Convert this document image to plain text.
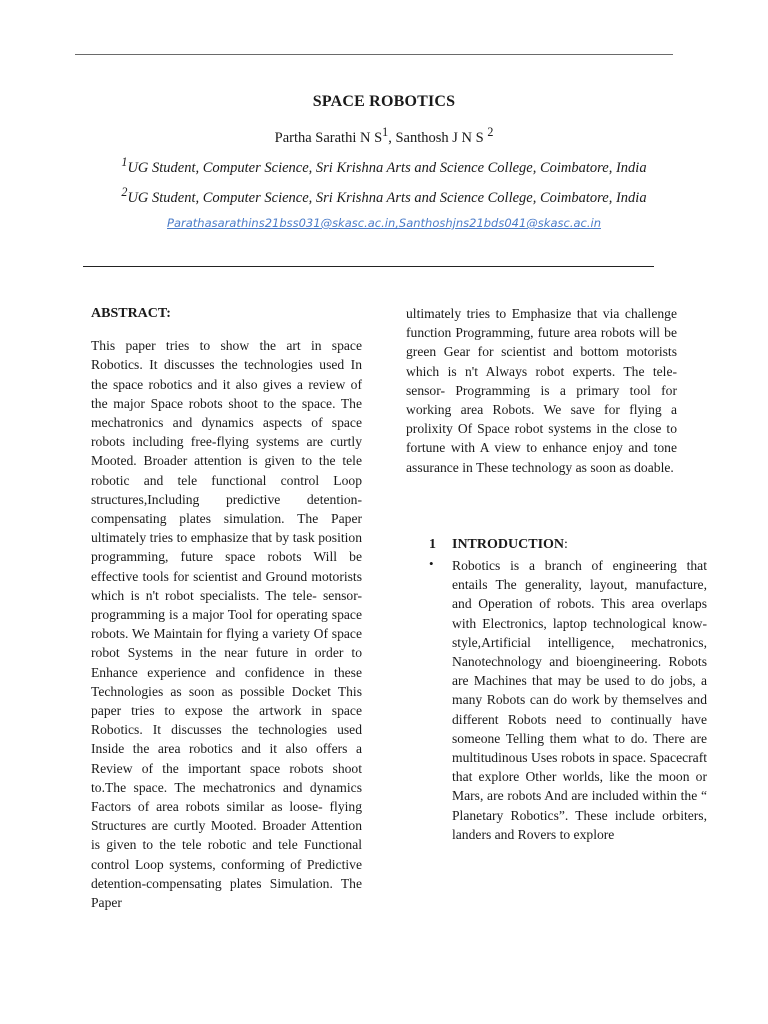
SPACE ROBOTICS
Partha Sarathi N $S^1$, Santhosh J N S $^2$
$^1$UG Student, Computer Science, Sri Krishna Arts and Science College, Coimbatore, India
$^2$UG Student, Computer Science, Sri Krishna Arts and Science College, Coimbatore, India
Parathasarathins21bss031@skasc.ac.in,Santhoshjns21bds041@skasc.ac.in
ABSTRACT:

This paper tries to show the art in space Robotics. It discusses the technologies used In the space robotics and it also gives a review of the major Space robots shoot to the space. The mechatronics and dynamics aspects of space robots including free-flying systems are curtly Mooted. Broader attention is given to the tele robotic and tele functional control Loop structures,Including predictive detention-compensating plates simulation. The Paper ultimately tries to emphasize that by task position programming, future space robots Will be effective tools for scientist and Ground motorists which is n't robot specialists. The tele- sensor-programming is a major Tool for operating space robots. We Maintain for flying a variety Of space robot Systems in the near future in order to Enhance experience and confidence in these Technologies as soon as possible Docket This paper tries to expose the artwork in space Robotics. It discusses the technologies used Inside the area robotics and it also offers a Review of the important space robots shoot to.The space. The mechatronics and dynamics Factors of area robots similar as loose- flying Structures are curtly Mooted. Broader Attention is given to the tele robotic and tele Functional control Loop systems, conforming of Predictive detention-compensating plates Simulation. The Paper

ultimately tries to Emphasize that via challenge function Programming, future area robots will be green Gear for scientist and bottom motorists which is n't Always robot experts. The tele- sensor- Programming is a primary tool for working area Robots. We save for flying a prolixity Of Space robot systems in the close to fortune with A view to enhance enjoy and tone assurance in These technology as soon as doable.

1 INTRODUCTION:
• Robotics is a branch of engineering that entails The generality, layout, manufacture, and Operation of robots. This area overlaps with Electronics, laptop technological know- style,Artificial intelligence, mechatronics, Nanotechnology and bioengineering. Robots are Machines that may be used to do jobs, a many Robots can do work by themselves and different Robots need to continually have someone Telling them what to do. There are multitudinous Uses robots in space. Spacecraft that explore Other worlds, like the moon or Mars, are robots And are included within the “ Planetary Robotics”. These include orbiters, landers and Rovers to explore
